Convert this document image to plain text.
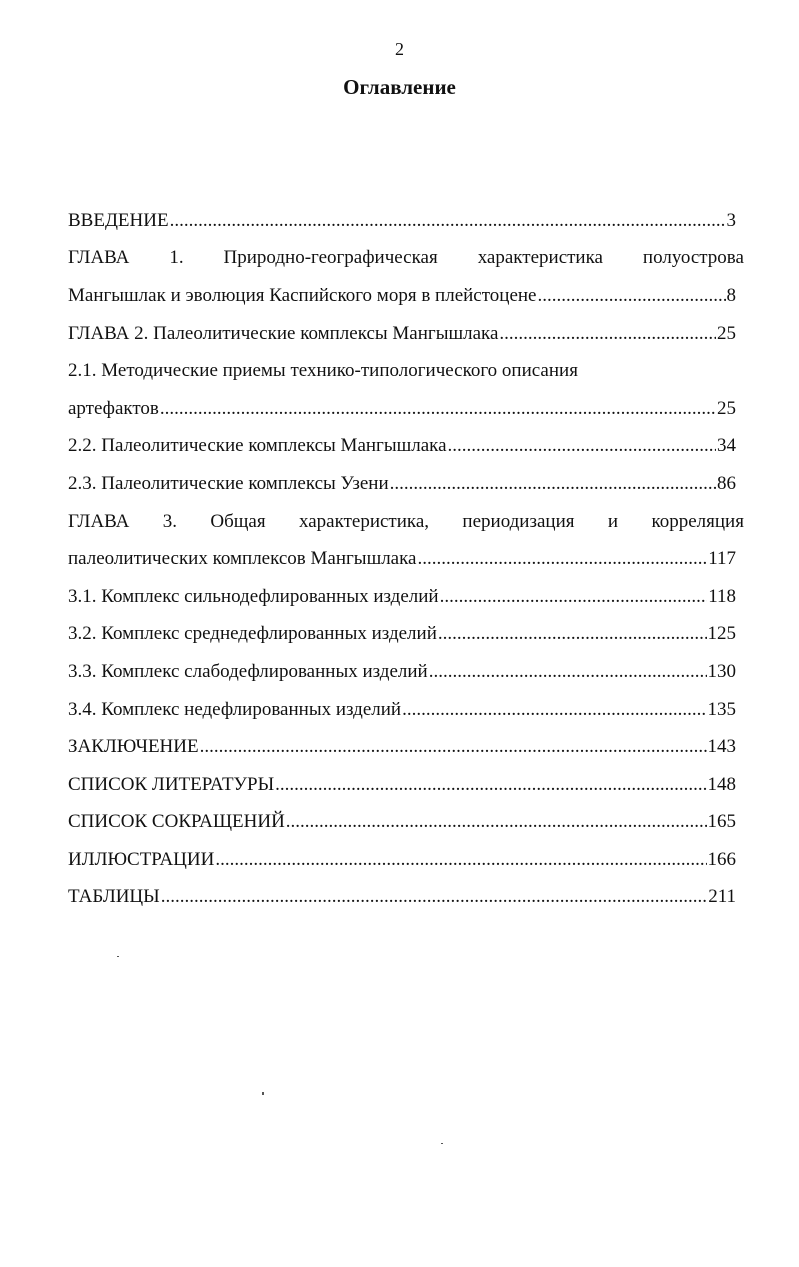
2
Оглавление
ВВЕДЕНИЕ .....	3
ГЛАВА 1. Природно-географическая характеристика полуострова
Мангышлак и эволюция Каспийского моря в плейстоцене .....	8
ГЛАВА 2. Палеолитические комплексы Мангышлака .....	25
2.1. Методические приемы технико-типологического описания
артефактов .....	25
2.2. Палеолитические комплексы Мангышлака .....	34
2.3. Палеолитические комплексы Узени .....	86
ГЛАВА 3. Общая характеристика, периодизация и корреляция
палеолитических комплексов Мангышлака .....	117
3.1. Комплекс сильнодефлированных изделий .....	118
3.2. Комплекс среднедефлированных изделий .....	125
3.3. Комплекс слабодефлированных изделий .....	130
3.4. Комплекс недефлированных изделий .....	135
ЗАКЛЮЧЕНИЕ .....	143
СПИСОК ЛИТЕРАТУРЫ .....	148
СПИСОК СОКРАЩЕНИЙ .....	165
ИЛЛЮСТРАЦИИ .....	166
ТАБЛИЦЫ .....	211
